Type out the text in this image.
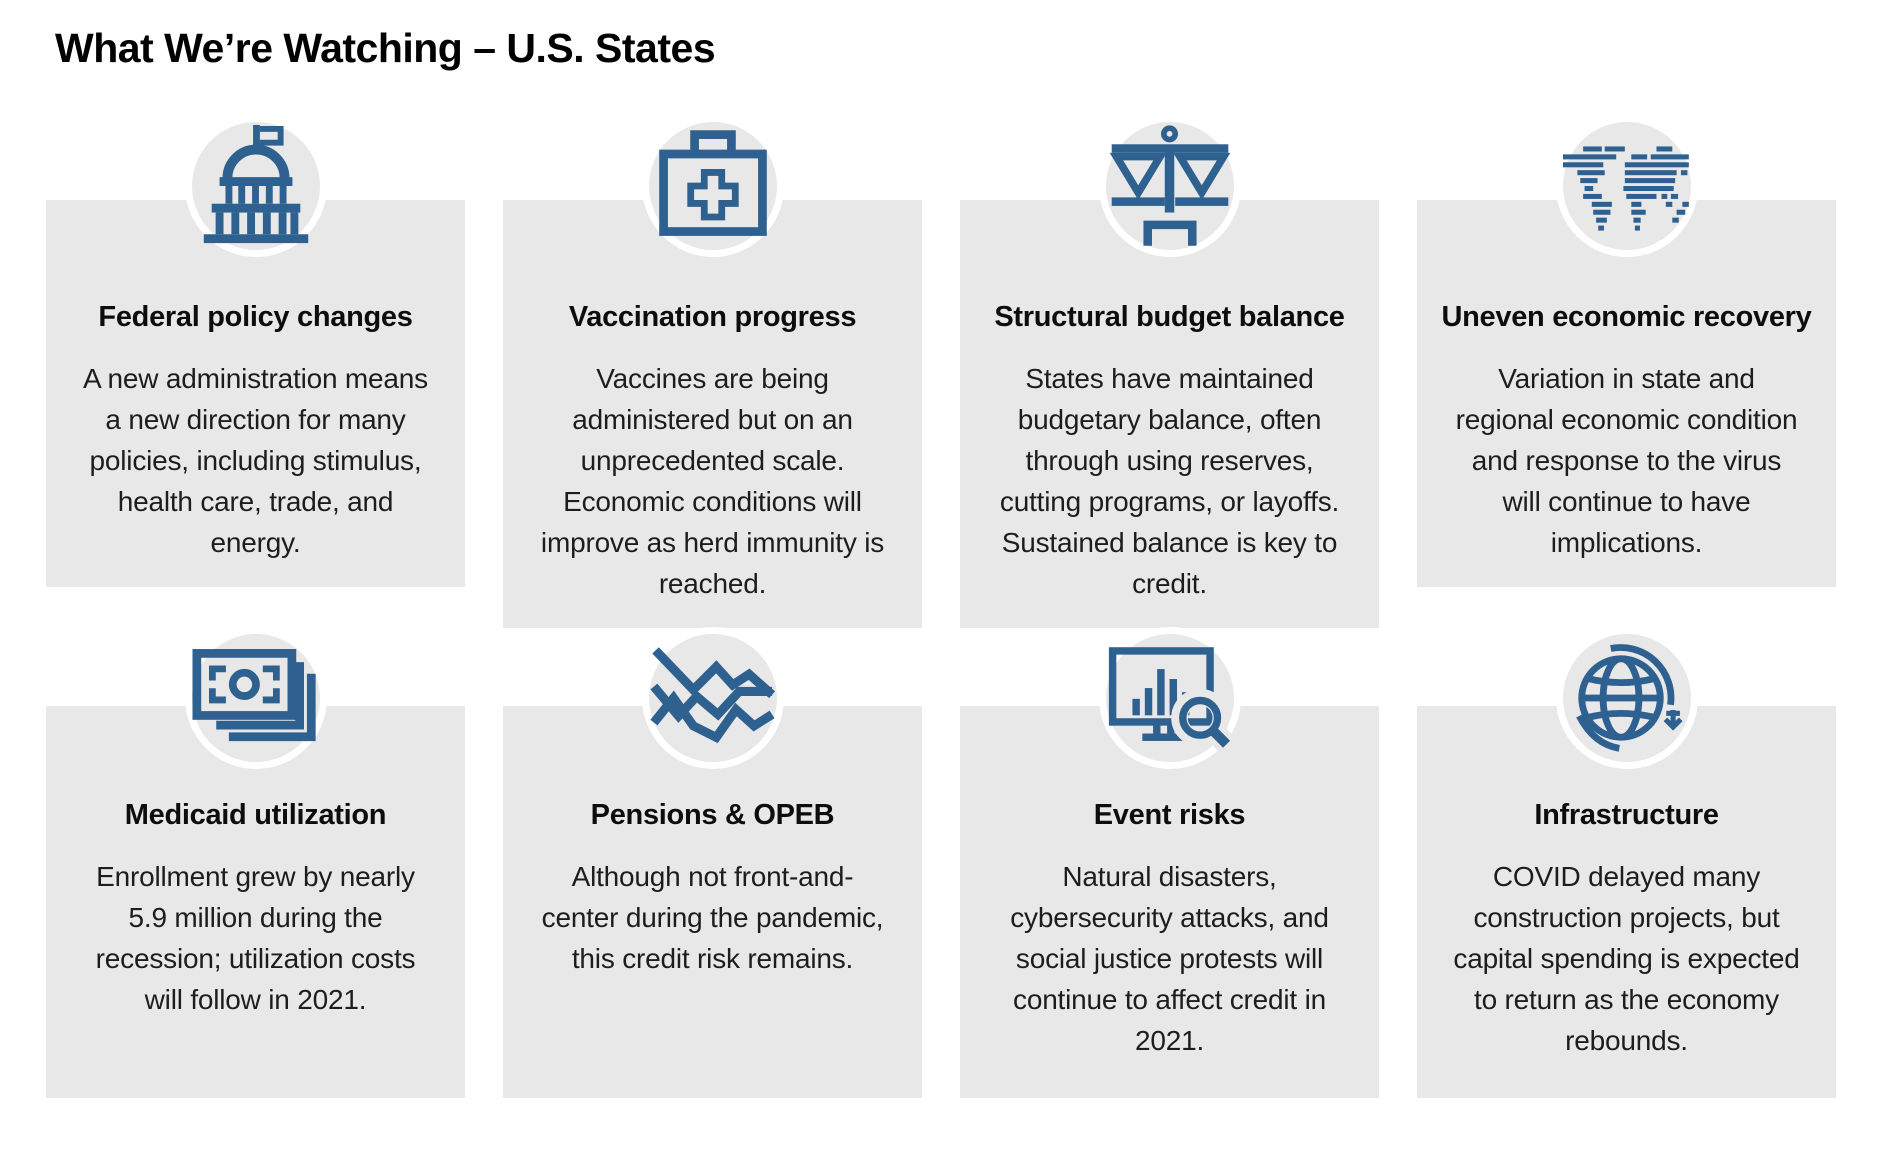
What We’re Watching – U.S. States
Federal policy changes

A new administration means a new direction for many policies, including stimulus, health care, trade, and energy.

Vaccination progress

Vaccines are being administered but on an unprecedented scale. Economic conditions will improve as herd immunity is reached.

Structural budget balance

States have maintained budgetary balance, often through using reserves, cutting programs, or layoffs. Sustained balance is key to credit.

Uneven economic recovery

Variation in state and regional economic condition and response to the virus will continue to have implications.

Medicaid utilization

Enrollment grew by nearly 5.9 million during the recession; utilization costs will follow in 2021.

Pensions & OPEB

Although not front-and-center during the pandemic, this credit risk remains.

Event risks

Natural disasters, cybersecurity attacks, and social justice protests will continue to affect credit in 2021.

Infrastructure

COVID delayed many construction projects, but capital spending is expected to return as the economy rebounds.
